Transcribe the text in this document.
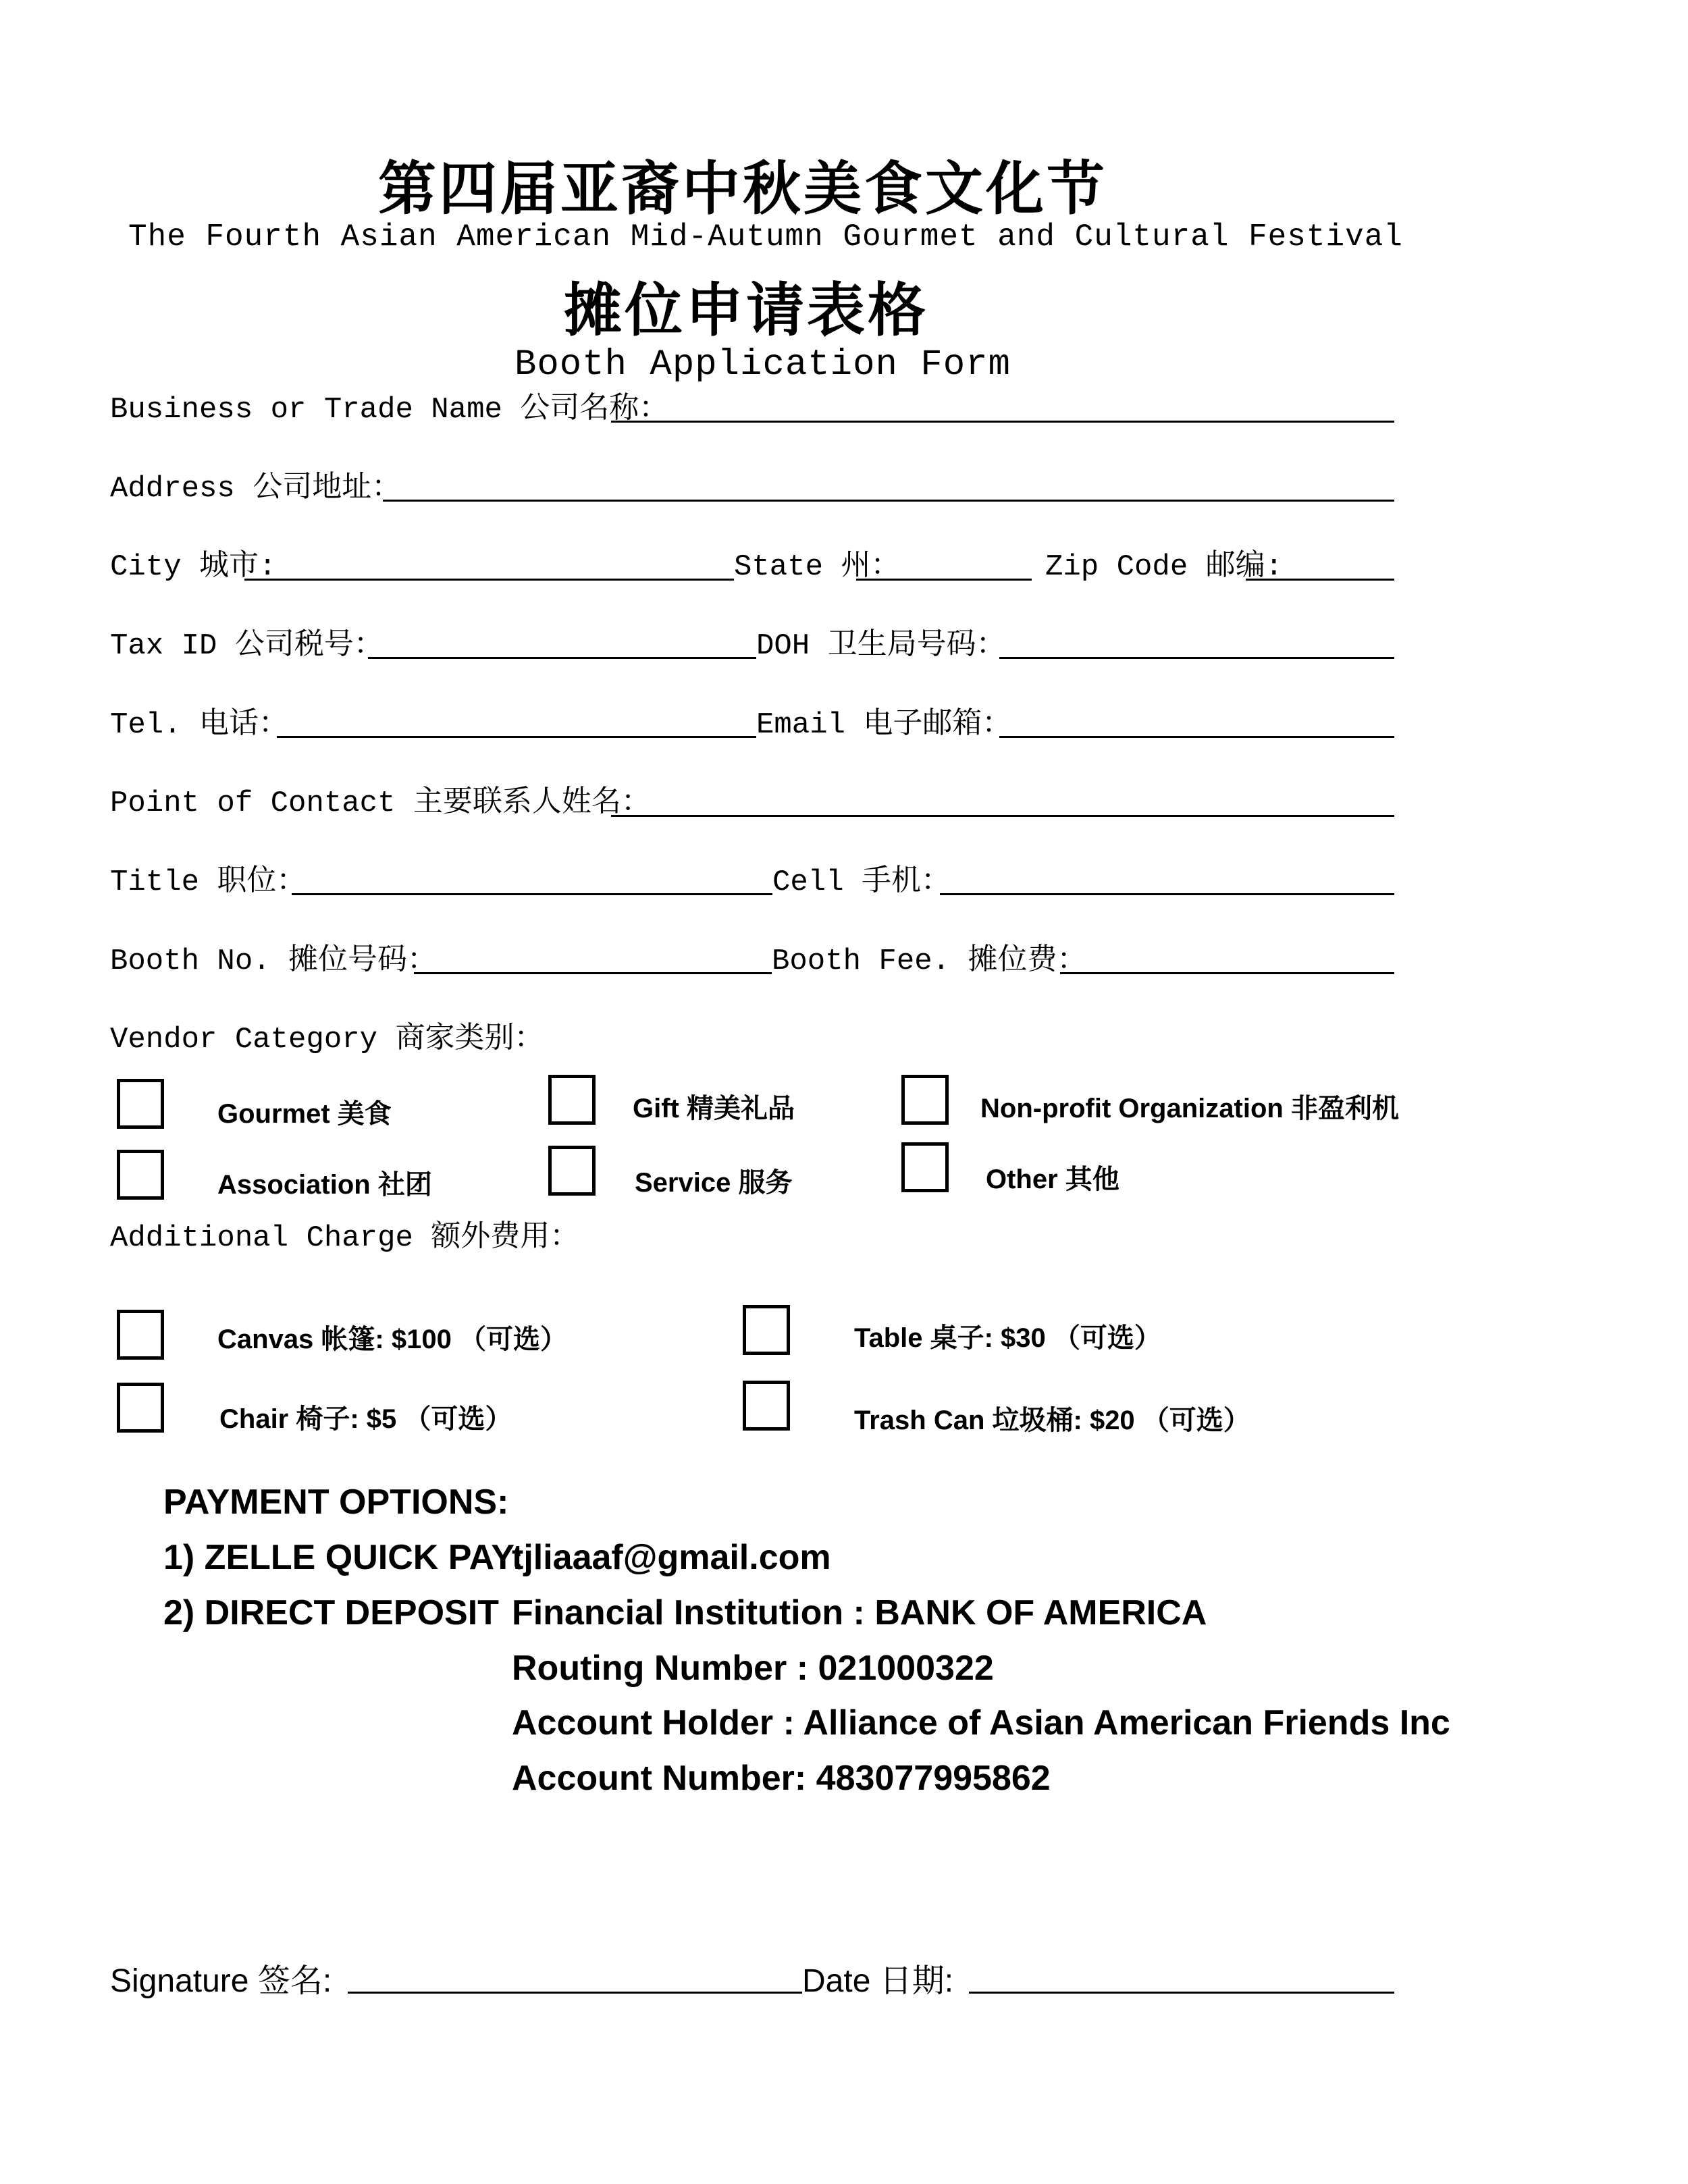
第四届亚裔中秋美食文化节
The Fourth Asian American Mid-Autumn Gourmet and Cultural Festival
摊位申请表格
Booth Application Form
Business or Trade Name 公司名称：
Address 公司地址：
City 城市:	State 州：	Zip Code 邮编:
Tax ID 公司税号：	DOH 卫生局号码：
Tel. 电话：	Email 电子邮箱：
Point of Contact 主要联系人姓名：
Title 职位：	Cell 手机：
Booth No. 摊位号码：	Booth Fee. 摊位费：
Vendor Category 商家类别：
Gourmet 美食	Gift 精美礼品	Non-profit Organization 非盈利机
Association 社团	Service 服务	Other 其他
Additional Charge 额外费用：
Canvas 帐篷: $100 （可选）	Table 桌子: $30 （可选）
Chair 椅子: $5 （可选）	Trash Can 垃圾桶: $20 （可选）
PAYMENT OPTIONS:
1) ZELLE QUICK PAY:
tjliaaaf@gmail.com
2) DIRECT DEPOSIT Financial Institution : BANK OF AMERICA
Routing Number : 021000322
Account Holder : Alliance of Asian American Friends Inc
Account Number: 483077995862
Signature 签名:	Date 日期:
